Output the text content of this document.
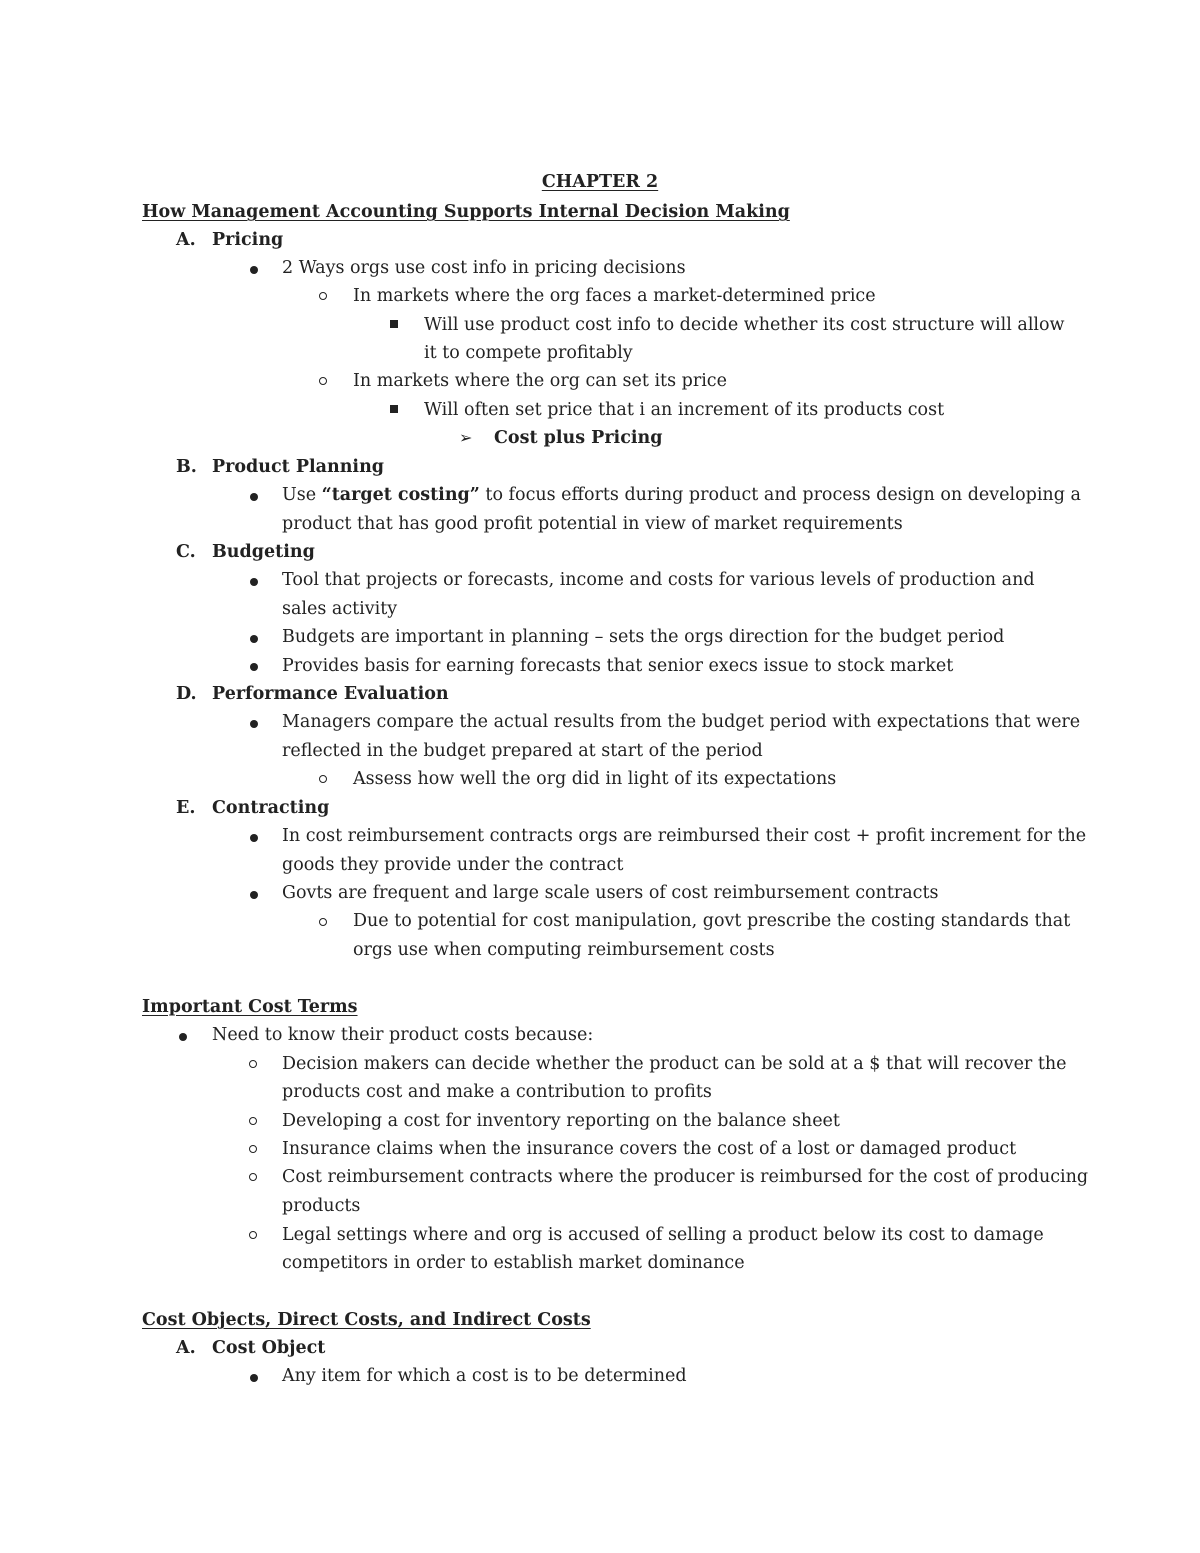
CHAPTER 2
How Management Accounting Supports Internal Decision Making
A. Pricing
2 Ways orgs use cost info in pricing decisions
In markets where the org faces a market-determined price
Will use product cost info to decide whether its cost structure will allow
it to compete profitably
In markets where the org can set its price
Will often set price that i an increment of its products cost
➢ Cost plus Pricing
B. Product Planning
Use “target costing” to focus efforts during product and process design on developing a
product that has good profit potential in view of market requirements
C. Budgeting
Tool that projects or forecasts, income and costs for various levels of production and
sales activity
Budgets are important in planning – sets the orgs direction for the budget period
Provides basis for earning forecasts that senior execs issue to stock market
D. Performance Evaluation
Managers compare the actual results from the budget period with expectations that were
reflected in the budget prepared at start of the period
Assess how well the org did in light of its expectations
E. Contracting
In cost reimbursement contracts orgs are reimbursed their cost + profit increment for the
goods they provide under the contract
Govts are frequent and large scale users of cost reimbursement contracts
Due to potential for cost manipulation, govt prescribe the costing standards that
orgs use when computing reimbursement costs
Important Cost Terms
Need to know their product costs because:
Decision makers can decide whether the product can be sold at a $ that will recover the
products cost and make a contribution to profits
Developing a cost for inventory reporting on the balance sheet
Insurance claims when the insurance covers the cost of a lost or damaged product
Cost reimbursement contracts where the producer is reimbursed for the cost of producing
products
Legal settings where and org is accused of selling a product below its cost to damage
competitors in order to establish market dominance
Cost Objects, Direct Costs, and Indirect Costs
A. Cost Object
Any item for which a cost is to be determined
